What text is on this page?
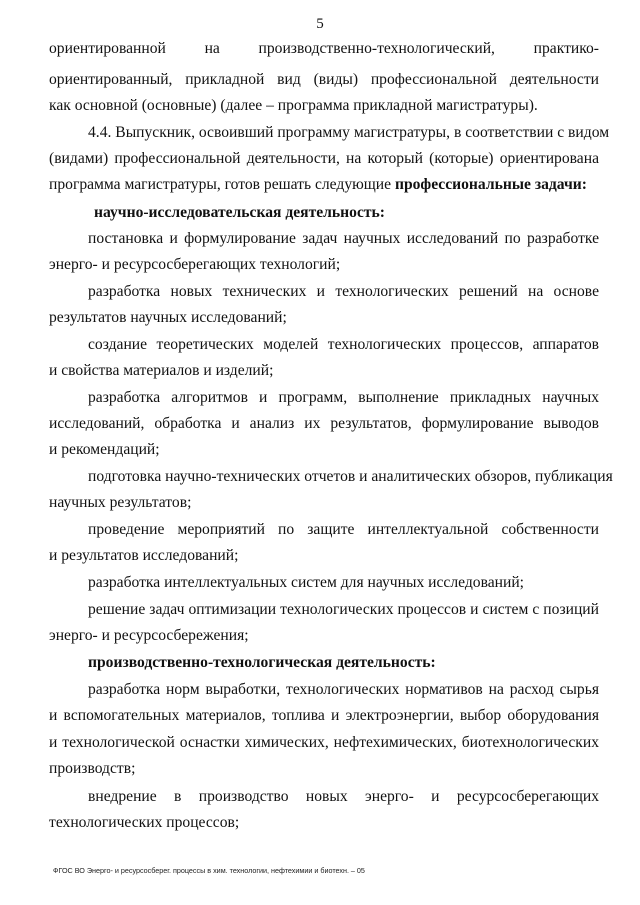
5
ориентированной на производственно-технологический, практико-
ориентированный, прикладной вид (виды) профессиональной деятельности
как основной (основные) (далее – программа прикладной магистратуры).
4.4. Выпускник, освоивший программу магистратуры, в соответствии с видом
(видами) профессиональной деятельности, на который (которые) ориентирована
программа магистратуры, готов решать следующие профессиональные задачи:
научно-исследовательская деятельность:
постановка и формулирование задач научных исследований по разработке
энерго- и ресурсосберегающих технологий;
разработка новых технических и технологических решений на основе
результатов научных исследований;
создание теоретических моделей технологических процессов, аппаратов
и свойства материалов и изделий;
разработка алгоритмов и программ, выполнение прикладных научных
исследований, обработка и анализ их результатов, формулирование выводов
и рекомендаций;
подготовка научно-технических отчетов и аналитических обзоров, публикация
научных результатов;
проведение мероприятий по защите интеллектуальной собственности
и результатов исследований;
разработка интеллектуальных систем для научных исследований;
решение задач оптимизации технологических процессов и систем с позиций
энерго- и ресурсосбережения;
производственно-технологическая деятельность:
разработка норм выработки, технологических нормативов на расход сырья
и вспомогательных материалов, топлива и электроэнергии, выбор оборудования
и технологической оснастки химических, нефтехимических, биотехнологических
производств;
внедрение в производство новых энерго- и ресурсосберегающих
технологических процессов;
ФГОС ВО Энерго- и ресурсосберег. процессы в хим. технологии, нефтехимии и биотехн. – 05
